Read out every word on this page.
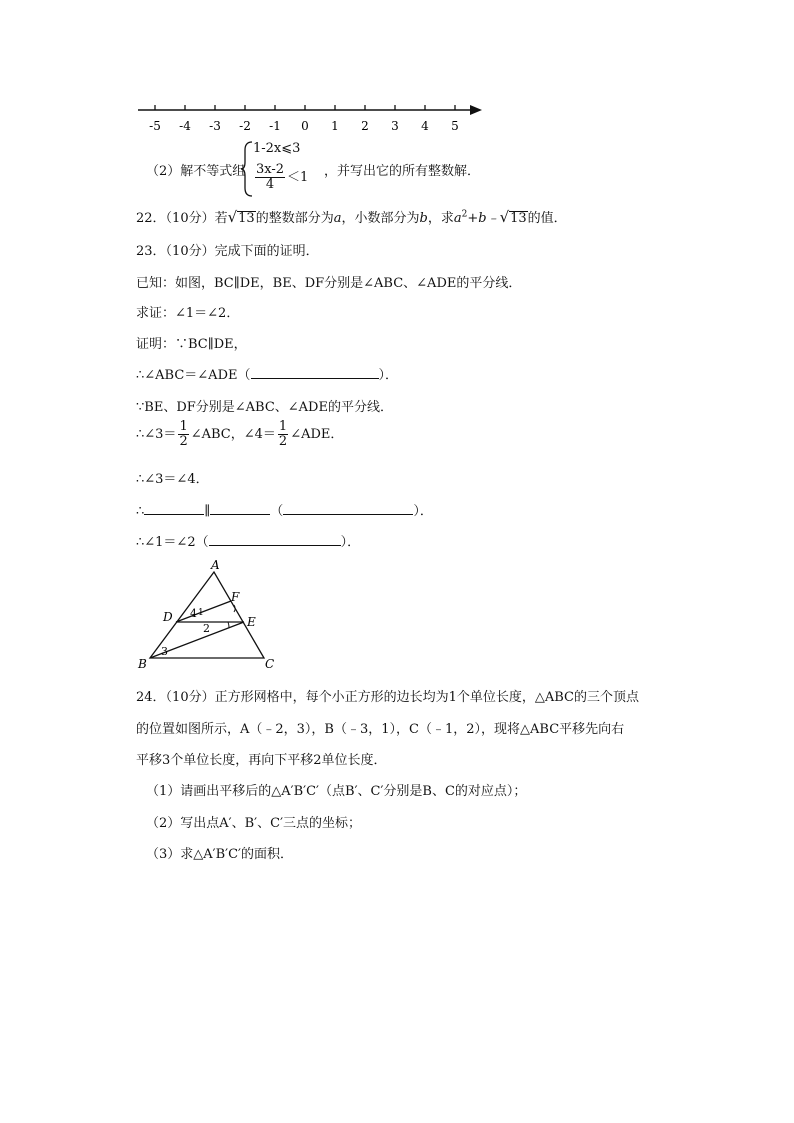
-5 -4 -3 -2 -1 0 1 2 3 4 5
（2）解不等式组
1-2x⩽3
$\frac{3x-2}{4} <1$ ，并写出它的所有整数解．
22．（10分）若√13的整数部分为a，小数部分为b，求$a^2+b﹣√13$的值．
23．（10分）完成下面的证明．
已知：如图，BC∥DE，BE、DF分别是∠ABC、∠ADE的平分线．
求证：∠1＝∠2．
证明：∵BC∥DE，
∴∠ABC＝∠ADE（	）．
∵BE、DF分别是∠ABC、∠ADE的平分线．
∴∠3＝ $\frac{1}{2}$ ∠ABC，∠4＝ $\frac{1}{2}$ ∠ADE．
∴∠3＝∠4．
∴	∥	（	）．
∴∠1＝∠2（	）．
A
F
D	E
B	C
4 1
2
3
24．（10分）正方形网格中，每个小正方形的边长均为1个单位长度，△ABC的三个顶点
的位置如图所示，A（﹣2，3），B（﹣3，1），C（﹣1，2），现将△ABC平移先向右
平移3个单位长度，再向下平移2单位长度．
（1）请画出平移后的△A′B′C′（点B′、C′分别是B、C的对应点）；
（2）写出点A′、B′、C′三点的坐标；
（3）求△A′B′C′的面积．
